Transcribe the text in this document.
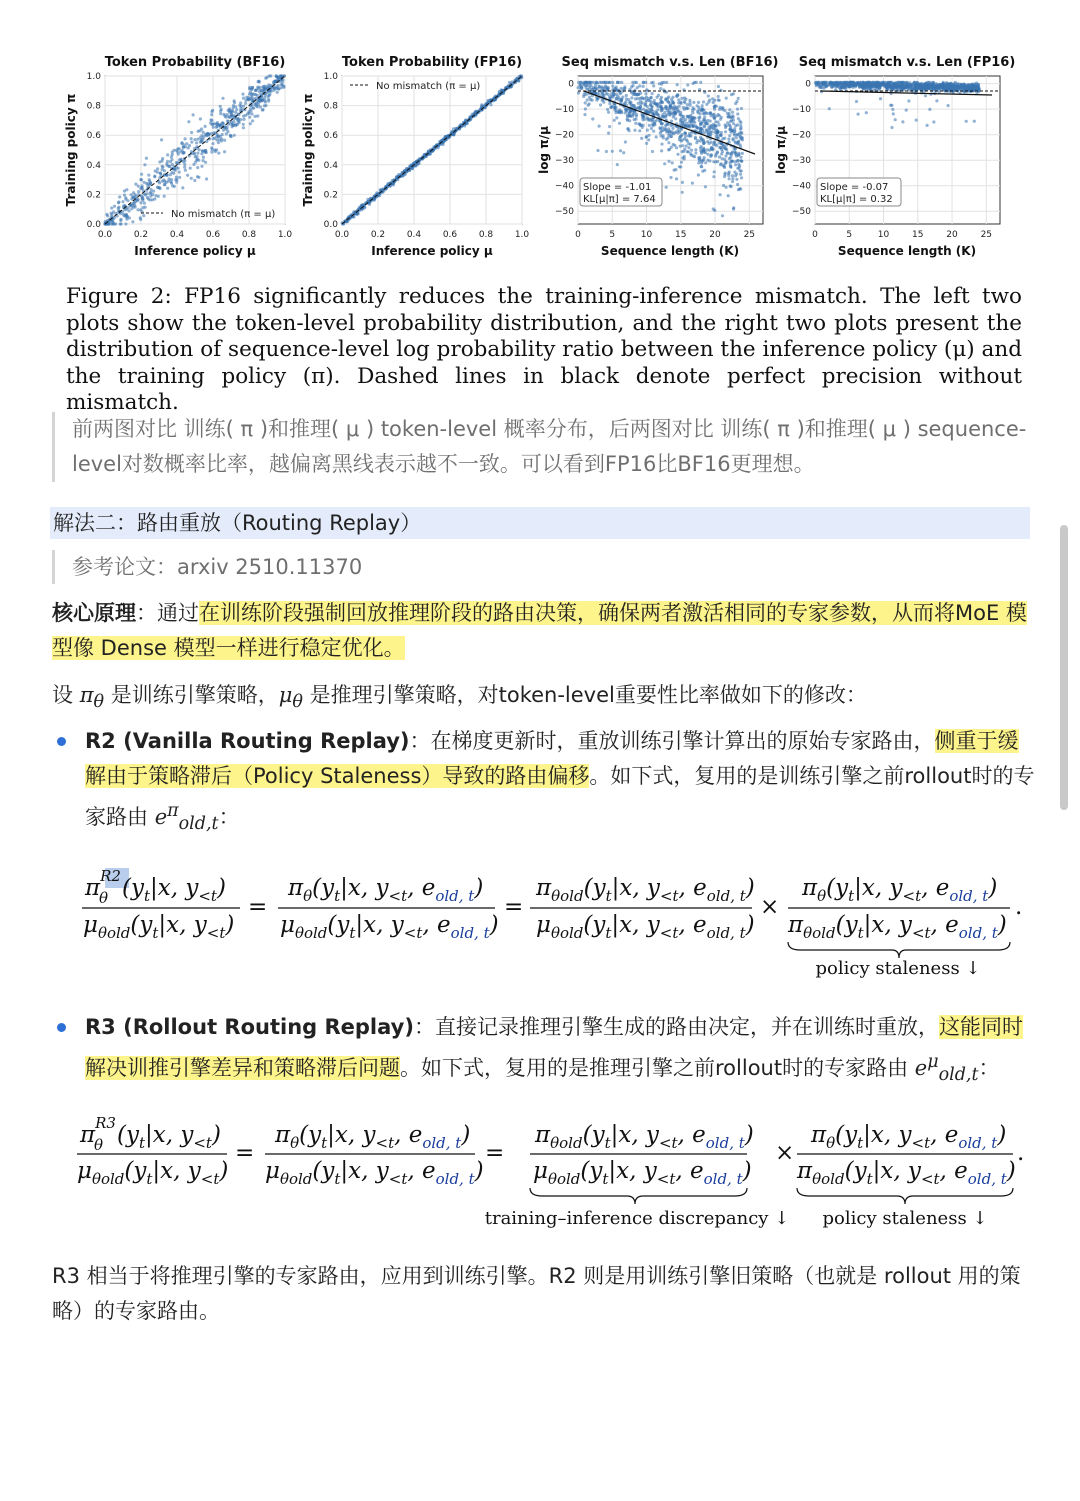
Token Probability (BF16)
No mismatch (π = μ)
0.0
0.2
0.4
0.6
0.8
1.0
0.0 0.2 0.4 0.6 0.8 1.0
Inference policy μ
Training policy π
Token Probability (FP16)
No mismatch (π = μ)
0.0
0.2
0.4
0.6
0.8
1.0
0.0 0.2 0.4 0.6 0.8 1.0
Inference policy μ
Training policy π
Seq mismatch v.s. Len (BF16)
Slope = -1.01
KL[μ|π] = 7.64
0
−10
−20
−30
−40
−50
0	5	10	15	20	25
Sequence length (K)
log π/μ
Seq mismatch v.s. Len (FP16)
Slope = -0.07
KL[μ|π] = 0.32
0
−10
−20
−30
−40
−50
0	5	10	15	20	25
Sequence length (K)
log π/μ
Figure 2: FP16 significantly reduces the training-inference mismatch. The left two plots show the token-level probability distribution, and the right two plots present the distribution of sequence-level log probability ratio between the inference policy (μ) and the training policy (π). Dashed lines in black denote perfect precision without mismatch.
前两图对比 训练( π )和推理( μ ) token-level 概率分布，后两图对比 训练( π )和推理( μ ) sequence-level对数概率比率，越偏离黑线表示越不一致。可以看到FP16比BF16更理想。
解法二：路由重放（Routing Replay）
参考论文：arxiv 2510.11370
核心原理：通过在训练阶段强制回放推理阶段的路由决策，确保两者激活相同的专家参数，从而将MoE 模型像 Dense 模型一样进行稳定优化。
设 $\pi_\theta$ 是训练引擎策略，$\mu_\theta$ 是推理引擎策略，对token-level重要性比率做如下的修改：
R2 (Vanilla Routing Replay)：在梯度更新时，重放训练引擎计算出的原始专家路由，侧重于缓解由于策略滞后（Policy Staleness）导致的路由偏移。如下式，复用的是训练引擎之前rollout时的专家路由 $e^\pi_{old,t}$：
$\pi^{R2}$ θ ($y_t|x$, $y_{<t}$)
$\mu_{\theta old}(y_t|x$, $y_{<t}$)
=
$\pi_\theta(y_t|x$, $y_{<t}$, $e_{old, t}$)
$\mu_{\theta old}(y_t|x$, $y_{<t}$, $e_{old, t}$)
=
$\pi_{\theta old}(y_t|x$, $y_{<t}$, $e_{old, t}$)
$\mu_{\theta old}(y_t|x$, $y_{<t}$, $e_{old, t}$)
×
$\pi_\theta(y_t|x$, $y_{<t}$, $e_{old, t}$)
$\pi_{\theta old}(y_t|x$, $y_{<t}$, $e_{old, t}$)
.
policy staleness ↓
R3 (Rollout Routing Replay)：直接记录推理引擎生成的路由决定，并在训练时重放，这能同时解决训推引擎差异和策略滞后问题。如下式，复用的是推理引擎之前rollout时的专家路由 $e^\mu_{old,t}$：
$\pi^{R3}$ θ ($y_t|x$, $y_{<t}$)
$\mu_{\theta old}(y_t|x$, $y_{<t}$)
=
$\pi_\theta(y_t|x$, $y_{<t}$, $e_{old, t}$)
$\mu_{\theta old}(y_t|x$, $y_{<t}$, $e_{old, t}$)
=
$\pi_{\theta old}(y_t|x$, $y_{<t}$, $e_{old, t}$)
$\mu_{\theta old}(y_t|x$, $y_{<t}$, $e_{old, t}$)
×
$\pi_\theta(y_t|x$, $y_{<t}$, $e_{old, t}$)
$\pi_{\theta old}(y_t|x$, $y_{<t}$, $e_{old, t}$)
.
training–inference discrepancy ↓ policy staleness ↓
R3 相当于将推理引擎的专家路由，应用到训练引擎。R2 则是用训练引擎旧策略（也就是 rollout 用的策略）的专家路由。
